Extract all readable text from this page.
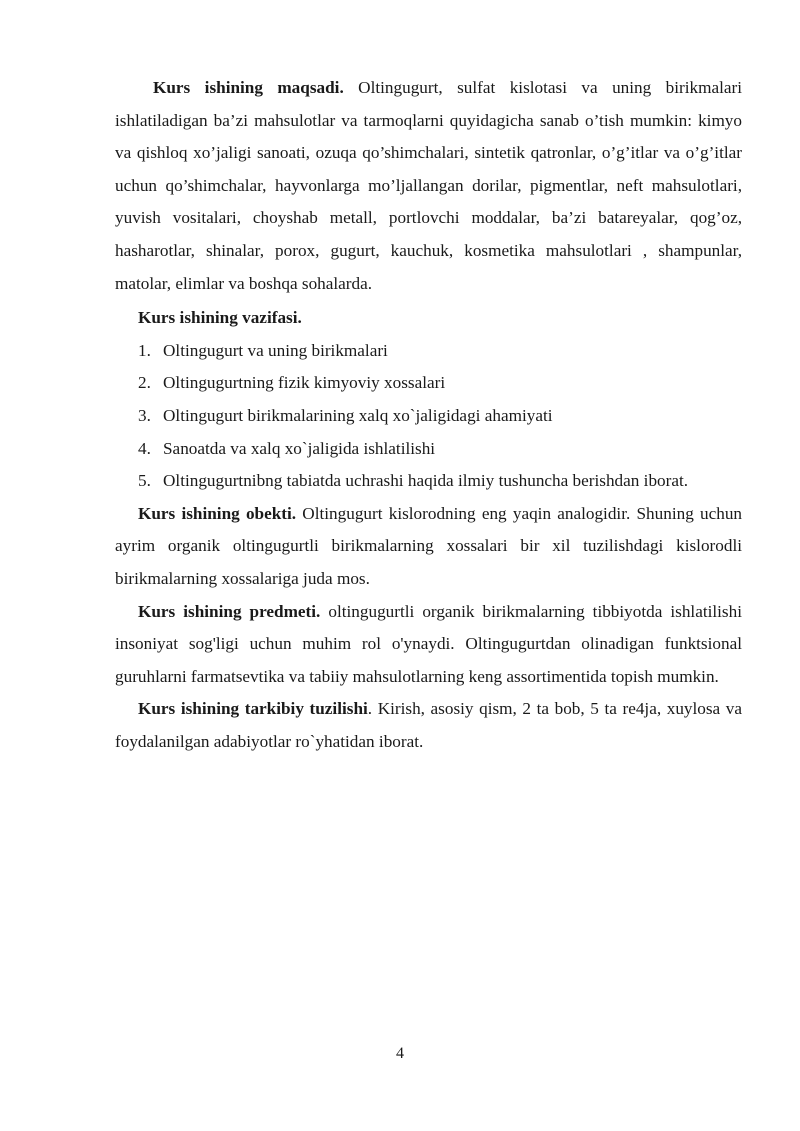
Kurs ishining maqsadi. Oltingugurt, sulfat kislotasi va uning birikmalari ishlatiladigan ba’zi mahsulotlar va tarmoqlarni quyidagicha sanab o’tish mumkin: kimyo va qishloq xo’jaligi sanoati, ozuqa qo’shimchalari, sintetik qatronlar, o’g’itlar va o’g’itlar uchun qo’shimchalar, hayvonlarga mo’ljallangan dorilar, pigmentlar, neft mahsulotlari, yuvish vositalari, choyshab metall, portlovchi moddalar, ba’zi batareyalar, qog’oz, hasharotlar, shinalar, porox, gugurt, kauchuk, kosmetika mahsulotlari , shampunlar, matolar, elimlar va boshqa sohalarda.

Kurs ishining vazifasi.

1. Oltingugurt va uning birikmalari
2. Oltingugurtning fizik kimyoviy xossalari
3. Oltingugurt birikmalarining xalq xo`jaligidagi ahamiyati
4. Sanoatda va xalq xo`jaligida ishlatilishi
5. Oltingugurtnibng tabiatda uchrashi haqida ilmiy tushuncha berishdan iborat.

Kurs ishining obekti. Oltingugurt kislorodning eng yaqin analogidir. Shuning uchun ayrim organik oltingugurtli birikmalarning xossalari bir xil tuzilishdagi kislorodli birikmalarning xossalariga juda mos.

Kurs ishining predmeti. oltingugurtli organik birikmalarning tibbiyotda ishlatilishi insoniyat sog'ligi uchun muhim rol o'ynaydi. Oltingugurtdan olinadigan funktsional guruhlarni farmatsevtika va tabiiy mahsulotlarning keng assortimentida topish mumkin.

Kurs ishining tarkibiy tuzilishi. Kirish, asosiy qism, 2 ta bob, 5 ta re4ja, xuylosa va foydalanilgan adabiyotlar ro`yhatidan iborat.

4
